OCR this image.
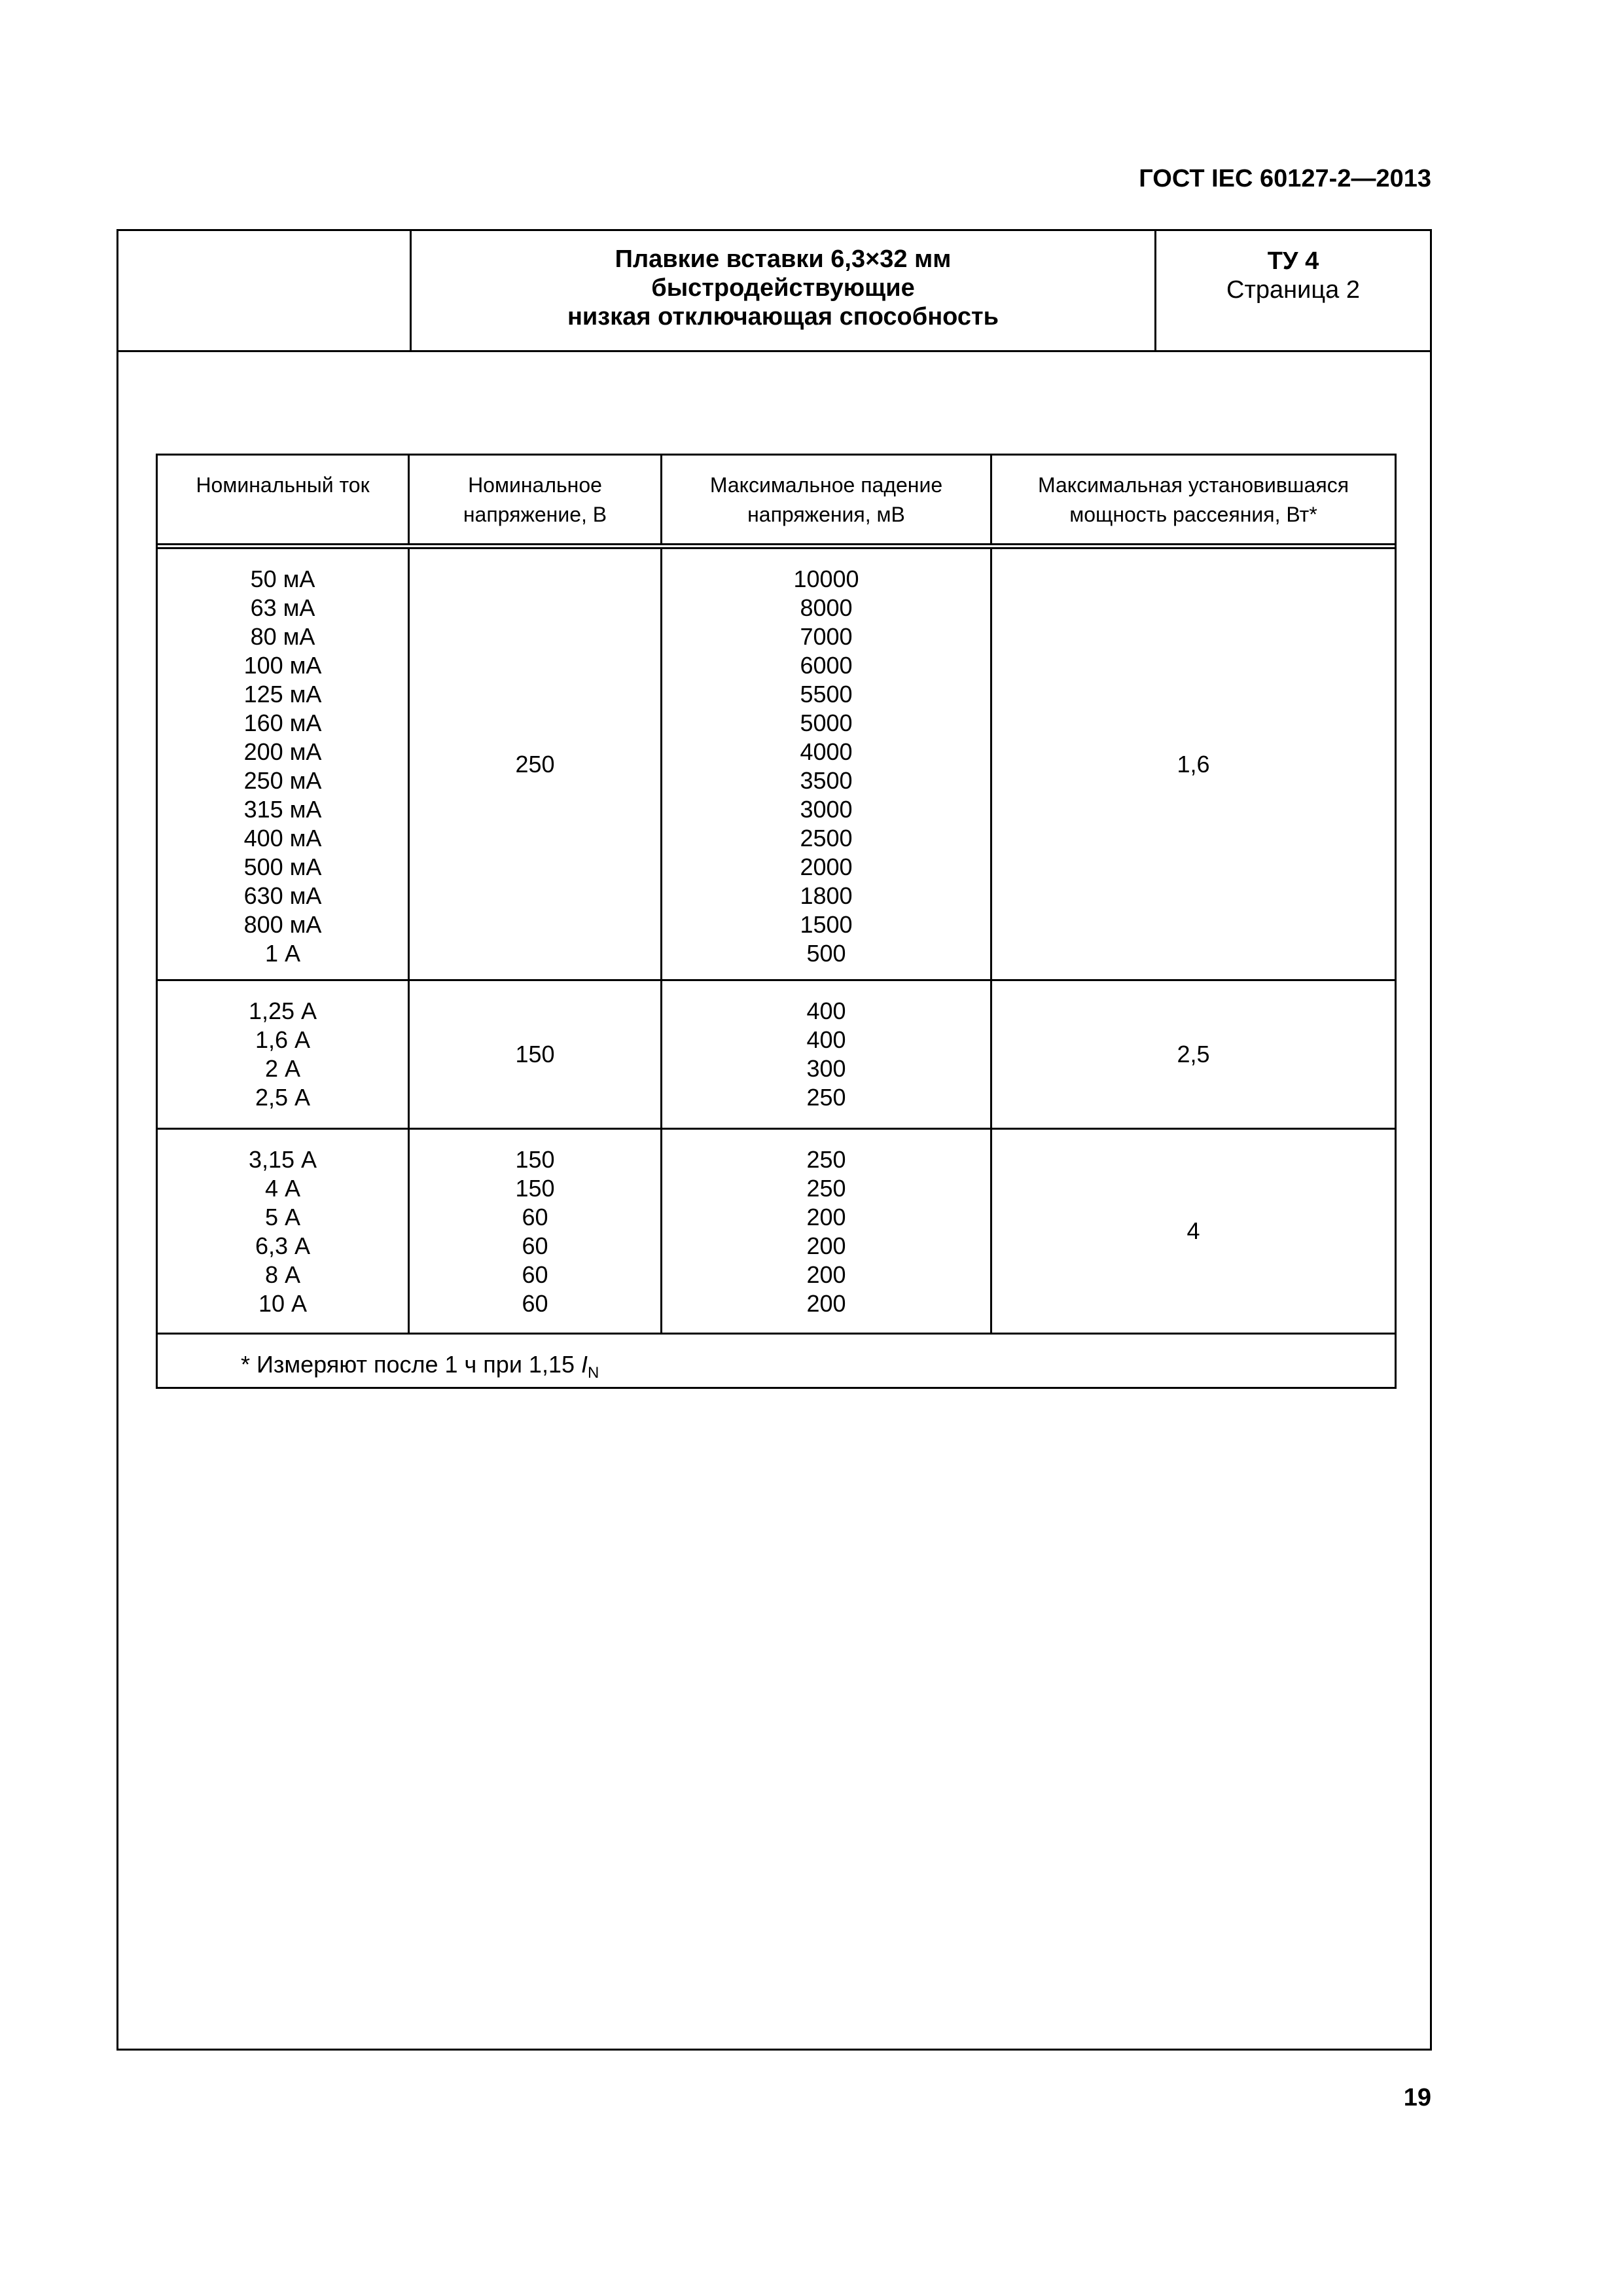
ГОСТ IEC 60127-2—2013
Плавкие вставки 6,3×32 мм
быстродействующие
низкая отключающая способность
ТУ 4
Страница 2
Номинальный ток	Номинальное
напряжение, В
Максимальное падение
напряжения, мВ
Максимальная установившаяся
мощность рассеяния, Вт*
50 мА
63 мА
80 мА
100 мА
125 мА
160 мА
200 мА
250 мА
315 мА
400 мА
500 мА
630 мА
800 мА
1 А
250
10000
8000
7000
6000
5500
5000
4000
3500
3000
2500
2000
1800
1500
500
1,6
1,25 А
1,6 А
2 А
2,5 А
150
400
400
300
250
2,5
3,15 А
4 А
5 А
6,3 А
8 А
10 А
150
150
60
60
60
60
250
250
200
200
200
200
4
* Измеряют после 1 ч при 1,15 $I_N$
19
